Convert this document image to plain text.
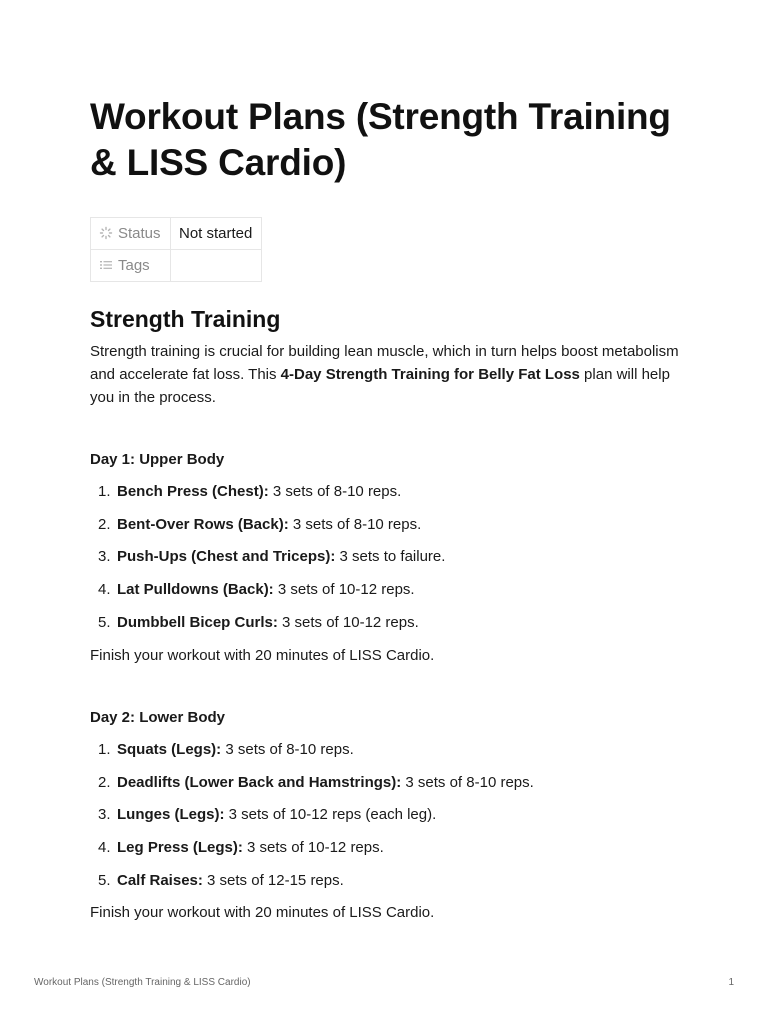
Workout Plans (Strength Training & LISS Cardio)
Status	Not started
Tags	
Strength Training

Strength training is crucial for building lean muscle, which in turn helps boost metabolism and accelerate fat loss. This 4-Day Strength Training for Belly Fat Loss plan will help you in the process.

Day 1: Upper Body

1. Bench Press (Chest): 3 sets of 8-10 reps.
2. Bent-Over Rows (Back): 3 sets of 8-10 reps.
3. Push-Ups (Chest and Triceps): 3 sets to failure.
4. Lat Pulldowns (Back): 3 sets of 10-12 reps.
5. Dumbbell Bicep Curls: 3 sets of 10-12 reps.

Finish your workout with 20 minutes of LISS Cardio.

Day 2: Lower Body

1. Squats (Legs): 3 sets of 8-10 reps.
2. Deadlifts (Lower Back and Hamstrings): 3 sets of 8-10 reps.
3. Lunges (Legs): 3 sets of 10-12 reps (each leg).
4. Leg Press (Legs): 3 sets of 10-12 reps.
5. Calf Raises: 3 sets of 12-15 reps.

Finish your workout with 20 minutes of LISS Cardio.

Workout Plans (Strength Training & LISS Cardio)	1
